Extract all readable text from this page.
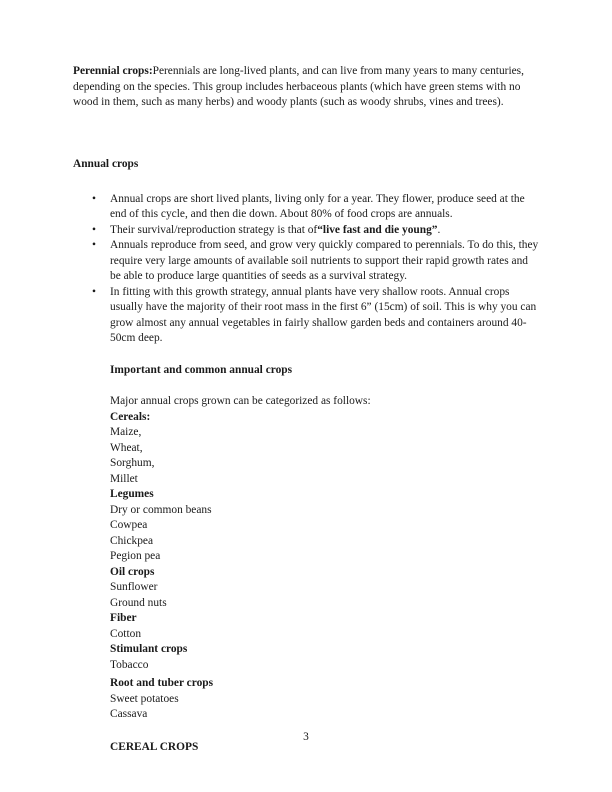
Perennial crops:Perennials are long-lived plants, and can live from many years to many centuries, depending on the species. This group includes herbaceous plants (which have green stems with no wood in them, such as many herbs) and woody plants (such as woody shrubs, vines and trees).

Annual crops
• Annual crops are short lived plants, living only for a year. They flower, produce seed at the end of this cycle, and then die down. About 80% of food crops are annuals.
• Their survival/reproduction strategy is that of“live fast and die young”.
• Annuals reproduce from seed, and grow very quickly compared to perennials. To do this, they require very large amounts of available soil nutrients to support their rapid growth rates and be able to produce large quantities of seeds as a survival strategy.
• In fitting with this growth strategy, annual plants have very shallow roots. Annual crops usually have the majority of their root mass in the first 6” (15cm) of soil. This is why you can grow almost any annual vegetables in fairly shallow garden beds and containers around 40-50cm deep.
Important and common annual crops

Major annual crops grown can be categorized as follows:

Cereals:
Maize,
Wheat,
Sorghum,
Millet
Legumes
Dry or common beans
Cowpea
Chickpea
Pegion pea
Oil crops
Sunflower
Ground nuts
Fiber
Cotton
Stimulant crops
Tobacco
Root and tuber crops
Sweet potatoes
Cassava
CEREAL CROPS
3
